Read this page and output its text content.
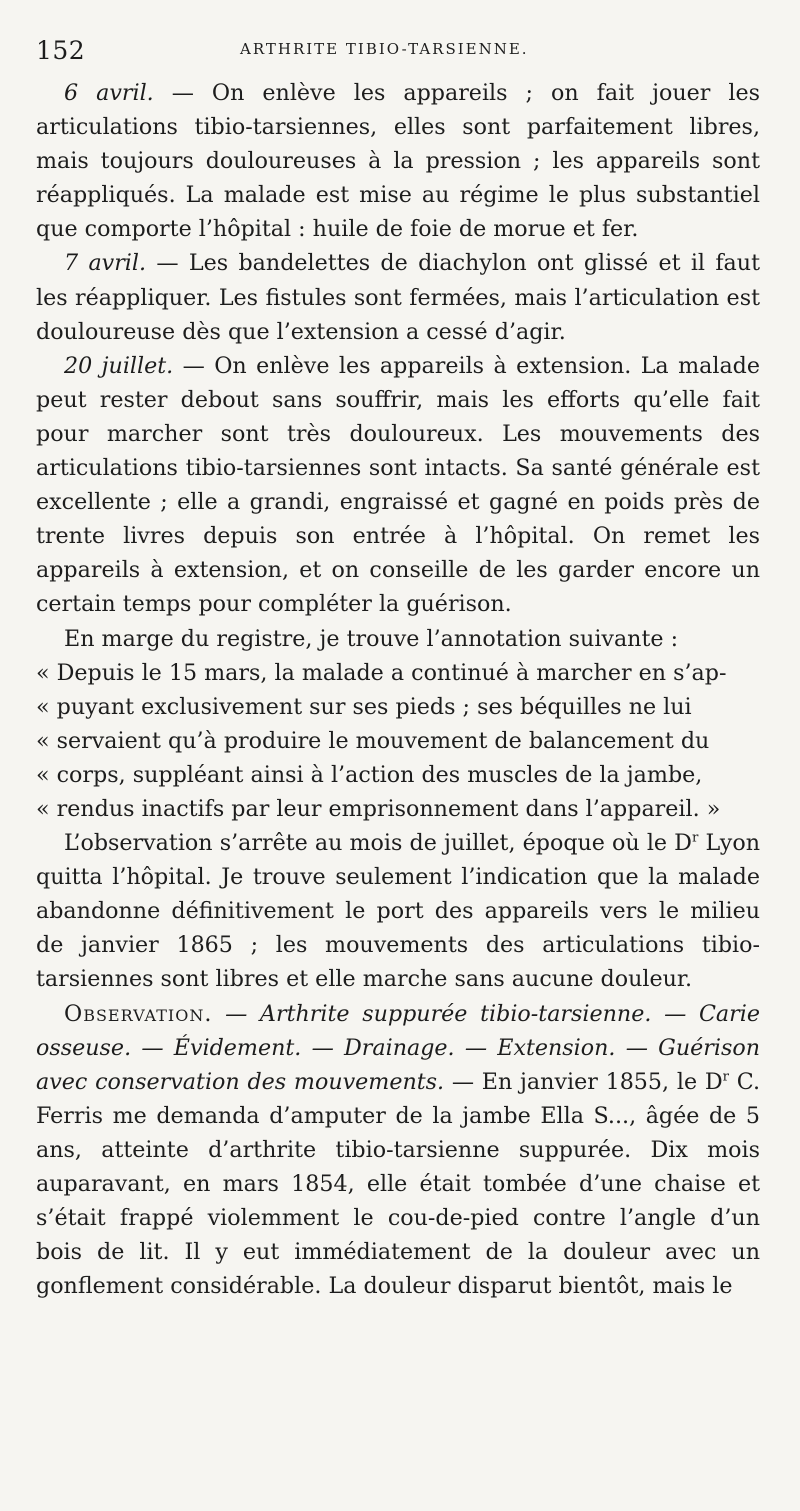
152	ARTHRITE TIBIO-TARSIENNE.

6 avril. — On enlève les appareils ; on fait jouer les articulations tibio-tarsiennes, elles sont parfaitement libres, mais toujours douloureuses à la pression ; les appareils sont réappliqués. La malade est mise au régime le plus substantiel que comporte l’hôpital : huile de foie de morue et fer.

7 avril. — Les bandelettes de diachylon ont glissé et il faut les réappliquer. Les fistules sont fermées, mais l’articulation est douloureuse dès que l’extension a cessé d’agir.

20 juillet. — On enlève les appareils à extension. La malade peut rester debout sans souffrir, mais les efforts qu’elle fait pour marcher sont très douloureux. Les mouvements des articulations tibio-tarsiennes sont intacts. Sa santé générale est excellente ; elle a grandi, engraissé et gagné en poids près de trente livres depuis son entrée à l’hôpital. On remet les appareils à extension, et on conseille de les garder encore un certain temps pour compléter la guérison.

En marge du registre, je trouve l’annotation suivante :

« Depuis le 15 mars, la malade a continué à marcher en s’ap-

« puyant exclusivement sur ses pieds ; ses béquilles ne lui

« servaient qu’à produire le mouvement de balancement du

« corps, suppléant ainsi à l’action des muscles de la jambe,

« rendus inactifs par leur emprisonnement dans l’appareil. »

L’observation s’arrête au mois de juillet, époque où le $D^r$ Lyon quitta l’hôpital. Je trouve seulement l’indication que la malade abandonne définitivement le port des appareils vers le milieu de janvier 1865 ; les mouvements des articulations tibio-tarsiennes sont libres et elle marche sans aucune douleur.

Observation. — Arthrite suppurée tibio-tarsienne. — Carie osseuse. — Évidement. — Drainage. — Extension. — Guérison avec conservation des mouvements. — En janvier 1855, le $D^r$ C. Ferris me demanda d’amputer de la jambe Ella S..., âgée de 5 ans, atteinte d’arthrite tibio-tarsienne suppurée. Dix mois auparavant, en mars 1854, elle était tombée d’une chaise et s’était frappé violemment le cou-de-pied contre l’angle d’un bois de lit. Il y eut immédiatement de la douleur avec un gonflement considérable. La douleur disparut bientôt, mais le
